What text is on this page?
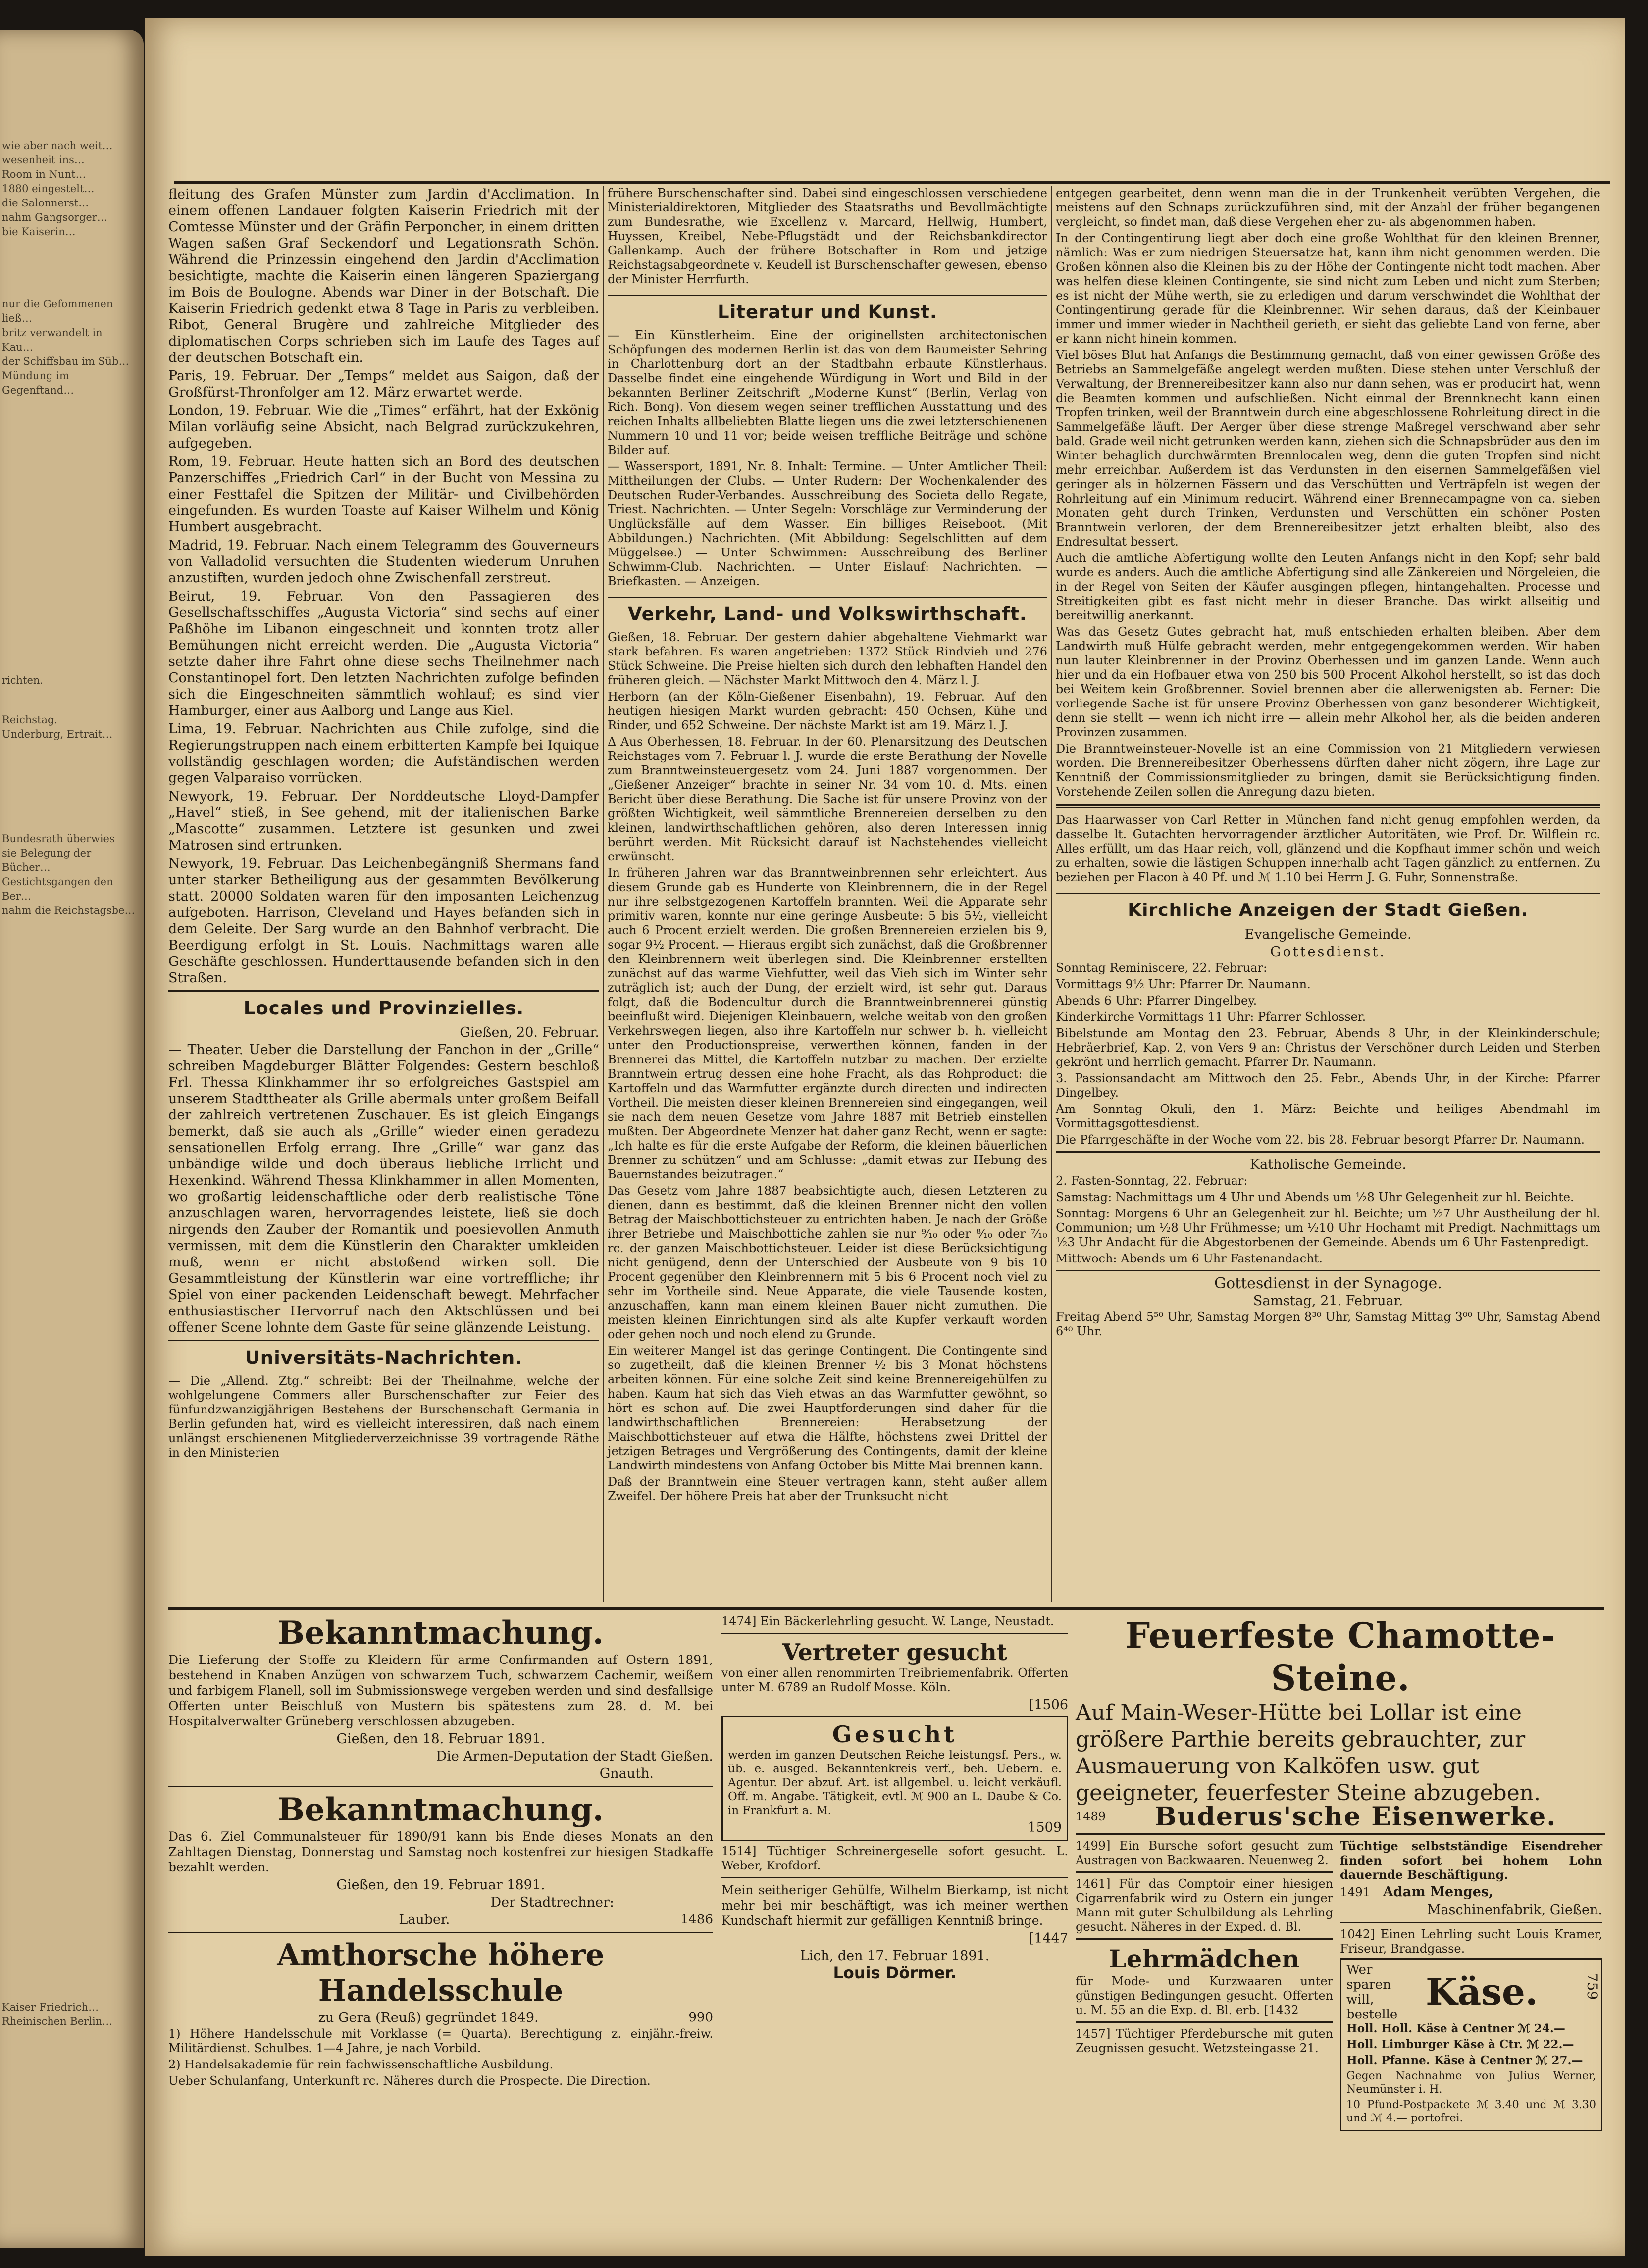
wie aber nach weit…
wesenheit ins…
Room in Nunt…
1880 eingestelt…
die Salonnerst…
nahm Gangsorger…
bie Kaiserin…
nur die Gefommenen ließ…
britz verwandelt in Kau…
der Schiffsbau im Süb…
Mündung im Gegenftand…
richten.
Reichstag.
Underburg, Ertrait…
Bundesrath überwies
sie Belegung der Bücher…
Gestichtsgangen den Ber…
nahm die Reichstagsbe…
Kaiser Friedrich…
Rheinischen Berlin…

fleitung des Grafen Münster zum Jardin d'Acclimation. In einem offenen Landauer folgten Kaiserin Friedrich mit der Comtesse Münster und der Gräfin Perponcher, in einem dritten Wagen saßen Graf Seckendorf und Legationsrath Schön. Während die Prinzessin eingehend den Jardin d'Acclimation besichtigte, machte die Kaiserin einen längeren Spaziergang im Bois de Boulogne. Abends war Diner in der Botschaft. Die Kaiserin Friedrich gedenkt etwa 8 Tage in Paris zu verbleiben. Ribot, General Brugère und zahlreiche Mitglieder des diplomatischen Corps schrieben sich im Laufe des Tages auf der deutschen Botschaft ein.

Paris, 19. Februar. Der „Temps“ meldet aus Saigon, daß der Großfürst-Thronfolger am 12. März erwartet werde.

London, 19. Februar. Wie die „Times“ erfährt, hat der Exkönig Milan vorläufig seine Absicht, nach Belgrad zurückzukehren, aufgegeben.

Rom, 19. Februar. Heute hatten sich an Bord des deutschen Panzerschiffes „Friedrich Carl“ in der Bucht von Messina zu einer Festtafel die Spitzen der Militär- und Civilbehörden eingefunden. Es wurden Toaste auf Kaiser Wilhelm und König Humbert ausgebracht.

Madrid, 19. Februar. Nach einem Telegramm des Gouverneurs von Valladolid versuchten die Studenten wiederum Unruhen anzustiften, wurden jedoch ohne Zwischenfall zerstreut.

Beirut, 19. Februar. Von den Passagieren des Gesellschaftsschiffes „Augusta Victoria“ sind sechs auf einer Paßhöhe im Libanon eingeschneit und konnten trotz aller Bemühungen nicht erreicht werden. Die „Augusta Victoria“ setzte daher ihre Fahrt ohne diese sechs Theilnehmer nach Constantinopel fort. Den letzten Nachrichten zufolge befinden sich die Eingeschneiten sämmtlich wohlauf; es sind vier Hamburger, einer aus Aalborg und Lange aus Kiel.

Lima, 19. Februar. Nachrichten aus Chile zufolge, sind die Regierungstruppen nach einem erbitterten Kampfe bei Iquique vollständig geschlagen worden; die Aufständischen werden gegen Valparaiso vorrücken.

Newyork, 19. Februar. Der Norddeutsche Lloyd-Dampfer „Havel“ stieß, in See gehend, mit der italienischen Barke „Mascotte“ zusammen. Letztere ist gesunken und zwei Matrosen sind ertrunken.

Newyork, 19. Februar. Das Leichenbegängniß Shermans fand unter starker Betheiligung aus der gesammten Bevölkerung statt. 20000 Soldaten waren für den imposanten Leichenzug aufgeboten. Harrison, Cleveland und Hayes befanden sich in dem Geleite. Der Sarg wurde an den Bahnhof verbracht. Die Beerdigung erfolgt in St. Louis. Nachmittags waren alle Geschäfte geschlossen. Hunderttausende befanden sich in den Straßen.

Locales und Provinzielles.
Gießen, 20. Februar.

— Theater. Ueber die Darstellung der Fanchon in der „Grille“ schreiben Magdeburger Blätter Folgendes: Gestern beschloß Frl. Thessa Klinkhammer ihr so erfolgreiches Gastspiel am unserem Stadttheater als Grille abermals unter großem Beifall der zahlreich vertretenen Zuschauer. Es ist gleich Eingangs bemerkt, daß sie auch als „Grille“ wieder einen geradezu sensationellen Erfolg errang. Ihre „Grille“ war ganz das unbändige wilde und doch überaus liebliche Irrlicht und Hexenkind. Während Thessa Klinkhammer in allen Momenten, wo großartig leidenschaftliche oder derb realistische Töne anzuschlagen waren, hervorragendes leistete, ließ sie doch nirgends den Zauber der Romantik und poesievollen Anmuth vermissen, mit dem die Künstlerin den Charakter umkleiden muß, wenn er nicht abstoßend wirken soll. Die Gesammtleistung der Künstlerin war eine vortreffliche; ihr Spiel von einer packenden Leidenschaft bewegt. Mehrfacher enthusiastischer Hervorruf nach den Aktschlüssen und bei offener Scene lohnte dem Gaste für seine glänzende Leistung.

Universitäts-Nachrichten.

— Die „Allend. Ztg.“ schreibt: Bei der Theilnahme, welche der wohlgelungene Commers aller Burschenschafter zur Feier des fünfundzwanzigjährigen Bestehens der Burschenschaft Germania in Berlin gefunden hat, wird es vielleicht interessiren, daß nach einem unlängst erschienenen Mitgliederverzeichnisse 39 vortragende Räthe in den Ministerien

frühere Burschenschafter sind. Dabei sind eingeschlossen verschiedene Ministerialdirektoren, Mitglieder des Staatsraths und Bevollmächtigte zum Bundesrathe, wie Excellenz v. Marcard, Hellwig, Humbert, Huyssen, Kreibel, Nebe-Pflugstädt und der Reichsbankdirector Gallenkamp. Auch der frühere Botschafter in Rom und jetzige Reichstagsabgeordnete v. Keudell ist Burschenschafter gewesen, ebenso der Minister Herrfurth.

Literatur und Kunst.

— Ein Künstlerheim. Eine der originellsten architectonischen Schöpfungen des modernen Berlin ist das von dem Baumeister Sehring in Charlottenburg dort an der Stadtbahn erbaute Künstlerhaus. Dasselbe findet eine eingehende Würdigung in Wort und Bild in der bekannten Berliner Zeitschrift „Moderne Kunst“ (Berlin, Verlag von Rich. Bong). Von diesem wegen seiner trefflichen Ausstattung und des reichen Inhalts allbeliebten Blatte liegen uns die zwei letzterschienenen Nummern 10 und 11 vor; beide weisen treffliche Beiträge und schöne Bilder auf.

— Wassersport, 1891, Nr. 8. Inhalt: Termine. — Unter Amtlicher Theil: Mittheilungen der Clubs. — Unter Rudern: Der Wochenkalender des Deutschen Ruder-Verbandes. Ausschreibung des Societa dello Regate, Triest. Nachrichten. — Unter Segeln: Vorschläge zur Verminderung der Unglücksfälle auf dem Wasser. Ein billiges Reiseboot. (Mit Abbildungen.) Nachrichten. (Mit Abbildung: Segelschlitten auf dem Müggelsee.) — Unter Schwimmen: Ausschreibung des Berliner Schwimm-Club. Nachrichten. — Unter Eislauf: Nachrichten. — Briefkasten. — Anzeigen.

Verkehr, Land- und Volkswirthschaft.

Gießen, 18. Februar. Der gestern dahier abgehaltene Viehmarkt war stark befahren. Es waren angetrieben: 1372 Stück Rindvieh und 276 Stück Schweine. Die Preise hielten sich durch den lebhaften Handel den früheren gleich. — Nächster Markt Mittwoch den 4. März l. J.

Herborn (an der Köln-Gießener Eisenbahn), 19. Februar. Auf den heutigen hiesigen Markt wurden gebracht: 450 Ochsen, Kühe und Rinder, und 652 Schweine. Der nächste Markt ist am 19. März l. J.

Δ Aus Oberhessen, 18. Februar. In der 60. Plenarsitzung des Deutschen Reichstages vom 7. Februar l. J. wurde die erste Berathung der Novelle zum Branntweinsteuergesetz vom 24. Juni 1887 vorgenommen. Der „Gießener Anzeiger“ brachte in seiner Nr. 34 vom 10. d. Mts. einen Bericht über diese Berathung. Die Sache ist für unsere Provinz von der größten Wichtigkeit, weil sämmtliche Brennereien derselben zu den kleinen, landwirthschaftlichen gehören, also deren Interessen innig berührt werden. Mit Rücksicht darauf ist Nachstehendes vielleicht erwünscht.

In früheren Jahren war das Branntweinbrennen sehr erleichtert. Aus diesem Grunde gab es Hunderte von Kleinbrennern, die in der Regel nur ihre selbstgezogenen Kartoffeln brannten. Weil die Apparate sehr primitiv waren, konnte nur eine geringe Ausbeute: 5 bis 5½, vielleicht auch 6 Procent erzielt werden. Die großen Brennereien erzielen bis 9, sogar 9½ Procent. — Hieraus ergibt sich zunächst, daß die Großbrenner den Kleinbrennern weit überlegen sind. Die Kleinbrenner erstellten zunächst auf das warme Viehfutter, weil das Vieh sich im Winter sehr zuträglich ist; auch der Dung, der erzielt wird, ist sehr gut. Daraus folgt, daß die Bodencultur durch die Branntweinbrennerei günstig beeinflußt wird. Diejenigen Kleinbauern, welche weitab von den großen Verkehrswegen liegen, also ihre Kartoffeln nur schwer b. h. vielleicht unter den Productionspreise, verwerthen können, fanden in der Brennerei das Mittel, die Kartoffeln nutzbar zu machen. Der erzielte Branntwein ertrug dessen eine hohe Fracht, als das Rohproduct: die Kartoffeln und das Warmfutter ergänzte durch directen und indirecten Vortheil. Die meisten dieser kleinen Brennereien sind eingegangen, weil sie nach dem neuen Gesetze vom Jahre 1887 mit Betrieb einstellen mußten. Der Abgeordnete Menzer hat daher ganz Recht, wenn er sagte: „Ich halte es für die erste Aufgabe der Reform, die kleinen bäuerlichen Brenner zu schützen“ und am Schlusse: „damit etwas zur Hebung des Bauernstandes beizutragen.“

Das Gesetz vom Jahre 1887 beabsichtigte auch, diesen Letzteren zu dienen, dann es bestimmt, daß die kleinen Brenner nicht den vollen Betrag der Maischbottichsteuer zu entrichten haben. Je nach der Größe ihrer Betriebe und Maischbottiche zahlen sie nur ⁹⁄₁₀ oder ⁸⁄₁₀ oder ⁷⁄₁₀ rc. der ganzen Maischbottichsteuer. Leider ist diese Berücksichtigung nicht genügend, denn der Unterschied der Ausbeute von 9 bis 10 Procent gegenüber den Kleinbrennern mit 5 bis 6 Procent noch viel zu sehr im Vortheile sind. Neue Apparate, die viele Tausende kosten, anzuschaffen, kann man einem kleinen Bauer nicht zumuthen. Die meisten kleinen Einrichtungen sind als alte Kupfer verkauft worden oder gehen noch und noch elend zu Grunde.

Ein weiterer Mangel ist das geringe Contingent. Die Contingente sind so zugetheilt, daß die kleinen Brenner ½ bis 3 Monat höchstens arbeiten können. Für eine solche Zeit sind keine Brennereigehülfen zu haben. Kaum hat sich das Vieh etwas an das Warmfutter gewöhnt, so hört es schon auf. Die zwei Hauptforderungen sind daher für die landwirthschaftlichen Brennereien: Herabsetzung der Maischbottichsteuer auf etwa die Hälfte, höchstens zwei Drittel der jetzigen Betrages und Vergrößerung des Contingents, damit der kleine Landwirth mindestens von Anfang October bis Mitte Mai brennen kann.

Daß der Branntwein eine Steuer vertragen kann, steht außer allem Zweifel. Der höhere Preis hat aber der Trunksucht nicht

entgegen gearbeitet, denn wenn man die in der Trunkenheit verübten Vergehen, die meistens auf den Schnaps zurückzuführen sind, mit der Anzahl der früher begangenen vergleicht, so findet man, daß diese Vergehen eher zu- als abgenommen haben.

In der Contingentirung liegt aber doch eine große Wohlthat für den kleinen Brenner, nämlich: Was er zum niedrigen Steuersatze hat, kann ihm nicht genommen werden. Die Großen können also die Kleinen bis zu der Höhe der Contingente nicht todt machen. Aber was helfen diese kleinen Contingente, sie sind nicht zum Leben und nicht zum Sterben; es ist nicht der Mühe werth, sie zu erledigen und darum verschwindet die Wohlthat der Contingentirung gerade für die Kleinbrenner. Wir sehen daraus, daß der Kleinbauer immer und immer wieder in Nachtheil gerieth, er sieht das geliebte Land von ferne, aber er kann nicht hinein kommen.

Viel böses Blut hat Anfangs die Bestimmung gemacht, daß von einer gewissen Größe des Betriebs an Sammelgefäße angelegt werden mußten. Diese stehen unter Verschluß der Verwaltung, der Brennereibesitzer kann also nur dann sehen, was er producirt hat, wenn die Beamten kommen und aufschließen. Nicht einmal der Brennknecht kann einen Tropfen trinken, weil der Branntwein durch eine abgeschlossene Rohrleitung direct in die Sammelgefäße läuft. Der Aerger über diese strenge Maßregel verschwand aber sehr bald. Grade weil nicht getrunken werden kann, ziehen sich die Schnapsbrüder aus den im Winter behaglich durchwärmten Brennlocalen weg, denn die guten Tropfen sind nicht mehr erreichbar. Außerdem ist das Verdunsten in den eisernen Sammelgefäßen viel geringer als in hölzernen Fässern und das Verschütten und Verträpfeln ist wegen der Rohrleitung auf ein Minimum reducirt. Während einer Brennecampagne von ca. sieben Monaten geht durch Trinken, Verdunsten und Verschütten ein schöner Posten Branntwein verloren, der dem Brennereibesitzer jetzt erhalten bleibt, also des Endresultat bessert.

Auch die amtliche Abfertigung wollte den Leuten Anfangs nicht in den Kopf; sehr bald wurde es anders. Auch die amtliche Abfertigung sind alle Zänkereien und Nörgeleien, die in der Regel von Seiten der Käufer ausgingen pflegen, hintangehalten. Processe und Streitigkeiten gibt es fast nicht mehr in dieser Branche. Das wirkt allseitig und bereitwillig anerkannt.

Was das Gesetz Gutes gebracht hat, muß entschieden erhalten bleiben. Aber dem Landwirth muß Hülfe gebracht werden, mehr entgegengekommen werden. Wir haben nun lauter Kleinbrenner in der Provinz Oberhessen und im ganzen Lande. Wenn auch hier und da ein Hofbauer etwa von 250 bis 500 Procent Alkohol herstellt, so ist das doch bei Weitem kein Großbrenner. Soviel brennen aber die allerwenigsten ab. Ferner: Die vorliegende Sache ist für unsere Provinz Oberhessen von ganz besonderer Wichtigkeit, denn sie stellt — wenn ich nicht irre — allein mehr Alkohol her, als die beiden anderen Provinzen zusammen.

Die Branntweinsteuer-Novelle ist an eine Commission von 21 Mitgliedern verwiesen worden. Die Brennereibesitzer Oberhessens dürften daher nicht zögern, ihre Lage zur Kenntniß der Commissionsmitglieder zu bringen, damit sie Berücksichtigung finden. Vorstehende Zeilen sollen die Anregung dazu bieten.

Das Haarwasser von Carl Retter in München fand nicht genug empfohlen werden, da dasselbe lt. Gutachten hervorragender ärztlicher Autoritäten, wie Prof. Dr. Wilflein rc. Alles erfüllt, um das Haar reich, voll, glänzend und die Kopfhaut immer schön und weich zu erhalten, sowie die lästigen Schuppen innerhalb acht Tagen gänzlich zu entfernen. Zu beziehen per Flacon à 40 Pf. und ℳ 1.10 bei Herrn J. G. Fuhr, Sonnenstraße.

Kirchliche Anzeigen der Stadt Gießen.
Evangelische Gemeinde.
Gottesdienst.
Sonntag Reminiscere, 22. Februar:
Vormittags 9½ Uhr: Pfarrer Dr. Naumann.
Abends 6 Uhr: Pfarrer Dingelbey.
Kinderkirche Vormittags 11 Uhr: Pfarrer Schlosser.
Bibelstunde am Montag den 23. Februar, Abends 8 Uhr, in der Kleinkinderschule; Hebräerbrief, Kap. 2, von Vers 9 an: Christus der Verschöner durch Leiden und Sterben gekrönt und herrlich gemacht. Pfarrer Dr. Naumann.
3. Passionsandacht am Mittwoch den 25. Febr., Abends Uhr, in der Kirche: Pfarrer Dingelbey.
Am Sonntag Okuli, den 1. März: Beichte und heiliges Abendmahl im Vormittagsgottesdienst.
Die Pfarrgeschäfte in der Woche vom 22. bis 28. Februar besorgt Pfarrer Dr. Naumann.
Katholische Gemeinde.
2. Fasten-Sonntag, 22. Februar:
Samstag: Nachmittags um 4 Uhr und Abends um ½8 Uhr Gelegenheit zur hl. Beichte.
Sonntag: Morgens 6 Uhr an Gelegenheit zur hl. Beichte; um ½7 Uhr Austheilung der hl. Communion; um ½8 Uhr Frühmesse; um ½10 Uhr Hochamt mit Predigt. Nachmittags um ½3 Uhr Andacht für die Abgestorbenen der Gemeinde. Abends um 6 Uhr Fastenpredigt.
Mittwoch: Abends um 6 Uhr Fastenandacht.
Gottesdienst in der Synagoge.
Samstag, 21. Februar.
Freitag Abend 5⁵⁰ Uhr, Samstag Morgen 8³⁰ Uhr, Samstag Mittag 3⁰⁰ Uhr, Samstag Abend 6⁴⁰ Uhr.
Bekanntmachung.

Die Lieferung der Stoffe zu Kleidern für arme Confirmanden auf Ostern 1891, bestehend in Knaben Anzügen von schwarzem Tuch, schwarzem Cachemir, weißem und farbigem Flanell, soll im Submissionswege vergeben werden und sind desfallsige Offerten unter Beischluß von Mustern bis spätestens zum 28. d. M. bei Hospitalverwalter Grüneberg verschlossen abzugeben.

Gießen, den 18. Februar 1891.
Die Armen-Deputation der Stadt Gießen.
Gnauth.
Bekanntmachung.

Das 6. Ziel Communalsteuer für 1890/91 kann bis Ende dieses Monats an den Zahltagen Dienstag, Donnerstag und Samstag noch kostenfrei zur hiesigen Stadkaffe bezahlt werden.

Gießen, den 19. Februar 1891.
Der Stadtrechner:
Lauber.	1486
Amthorsche höhere Handelsschule
zu Gera (Reuß) gegründet 1849.	990

1) Höhere Handelsschule mit Vorklasse (= Quarta). Berechtigung z. einjähr.-freiw. Militärdienst. Schulbes. 1—4 Jahre, je nach Vorbild.

2) Handelsakademie für rein fachwissenschaftliche Ausbildung.

Ueber Schulanfang, Unterkunft rc. Näheres durch die Prospecte. Die Direction.

1474] Ein Bäckerlehrling gesucht. W. Lange, Neustadt.

Vertreter gesucht

von einer allen renommirten Treibriemenfabrik. Offerten unter M. 6789 an Rudolf Mosse. Köln.

[1506
Gesucht

werden im ganzen Deutschen Reiche leistungsf. Pers., w. üb. e. ausged. Bekanntenkreis verf., beh. Uebern. e. Agentur. Der abzuf. Art. ist allgembel. u. leicht verkäufl. Off. m. Angabe. Tätigkeit, evtl. ℳ 900 an L. Daube & Co. in Frankfurt a. M.

1509

1514] Tüchtiger Schreinergeselle sofort gesucht. L. Weber, Krofdorf.

Mein seitheriger Gehülfe, Wilhelm Bierkamp, ist nicht mehr bei mir beschäftigt, was ich meiner werthen Kundschaft hiermit zur gefälligen Kenntniß bringe.

[1447
Lich, den 17. Februar 1891.
Louis Dörmer.
Feuerfeste Chamotte-Steine.

Auf Main-Weser-Hütte bei Lollar ist eine größere Parthie bereits gebrauchter, zur Ausmauerung von Kalköfen usw. gut geeigneter, feuerfester Steine abzugeben.

1489 Buderus'sche Eisenwerke.

1499] Ein Bursche sofort gesucht zum Austragen von Backwaaren. Neuenweg 2.

1461] Für das Comptoir einer hiesigen Cigarrenfabrik wird zu Ostern ein junger Mann mit guter Schulbildung als Lehrling gesucht. Näheres in der Exped. d. Bl.

Lehrmädchen

für Mode- und Kurzwaaren unter günstigen Bedingungen gesucht. Offerten u. M. 55 an die Exp. d. Bl. erb. [1432

1457] Tüchtiger Pferdebursche mit guten Zeugnissen gesucht. Wetzsteingasse 21.

Tüchtige selbstständige Eisendreher finden sofort bei hohem Lohn dauernde Beschäftigung.

1491 Adam Menges,
Maschinenfabrik, Gießen.

1042] Einen Lehrling sucht Louis Kramer, Friseur, Brandgasse.

Wer sparen will, bestelle
Käse.
Holl. Holl. Käse à Centner ℳ 24.—
Holl. Limburger Käse à Ctr. ℳ 22.—
Holl. Pfanne. Käse à Centner ℳ 27.—
Gegen Nachnahme von Julius Werner, Neumünster i. H.
10 Pfund-Postpackete ℳ 3.40 und ℳ 3.30 und ℳ 4.— portofrei.
759
